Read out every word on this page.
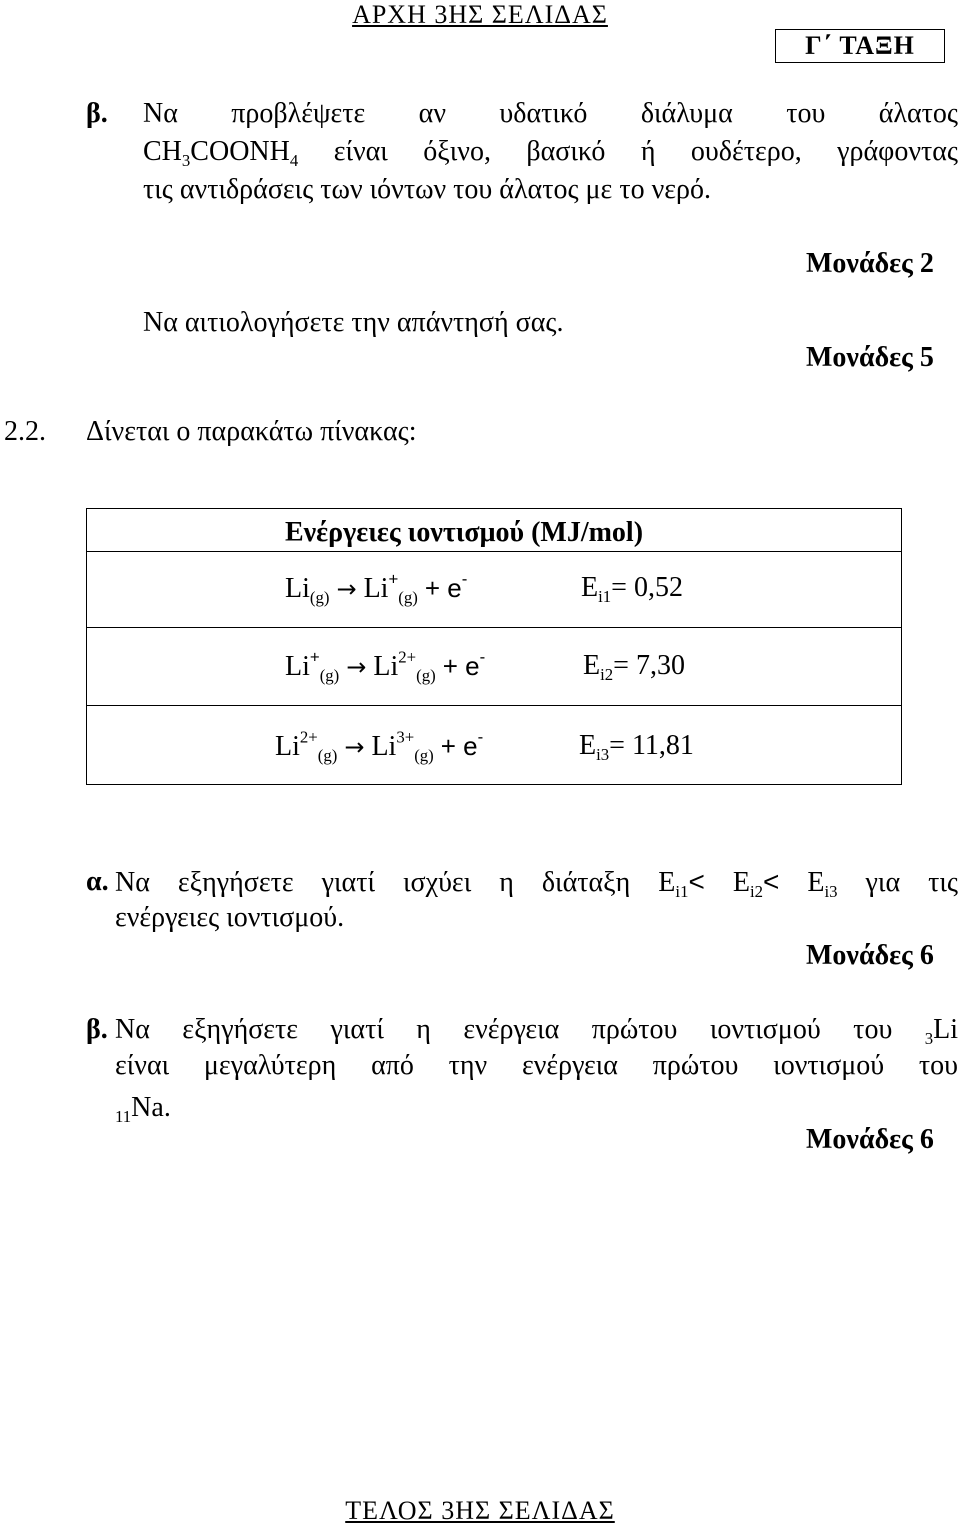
ΑΡΧΗ 3ΗΣ ΣΕΛΙΔΑΣ
Γ΄ ΤΑΞΗ
β. Να προβλέψετε αν υδατικό διάλυμα του άλατος
$CH_3COONH_4$ είναι όξινο, βασικό ή ουδέτερο, γράφοντας
τις αντιδράσεις των ιόντων του άλατος με το νερό.
Μονάδες 2
Να αιτιολογήσετε την απάντησή σας.
Μονάδες 5
2.2. Δίνεται ο παρακάτω πίνακας:
Ενέργειες ιοντισμού (MJ/mol)
$Li_{(g)} \to Li^+_{(g)} + e^-$	$E_{i1}= 0,52$
$Li^+_{(g)} \to Li^{2+}_{(g)} + e^-$	$E_{i2}= 7,30$
$Li^{2+}_{(g)} \to Li^{3+}_{(g)} + e^-$	$E_{i3}= 11,81$
α. Να εξηγήσετε γιατί ισχύει η διάταξη $E_{i1}< E_{i2}< E_{i3}$ για τις
ενέργειες ιοντισμού.
Μονάδες 6
β. Να εξηγήσετε γιατί η ενέργεια πρώτου ιοντισμού του $_3$Li
είναι μεγαλύτερη από την ενέργεια πρώτου ιοντισμού του
$_{11}$Na.
Μονάδες 6
ΤΕΛΟΣ 3ΗΣ ΣΕΛΙΔΑΣ
